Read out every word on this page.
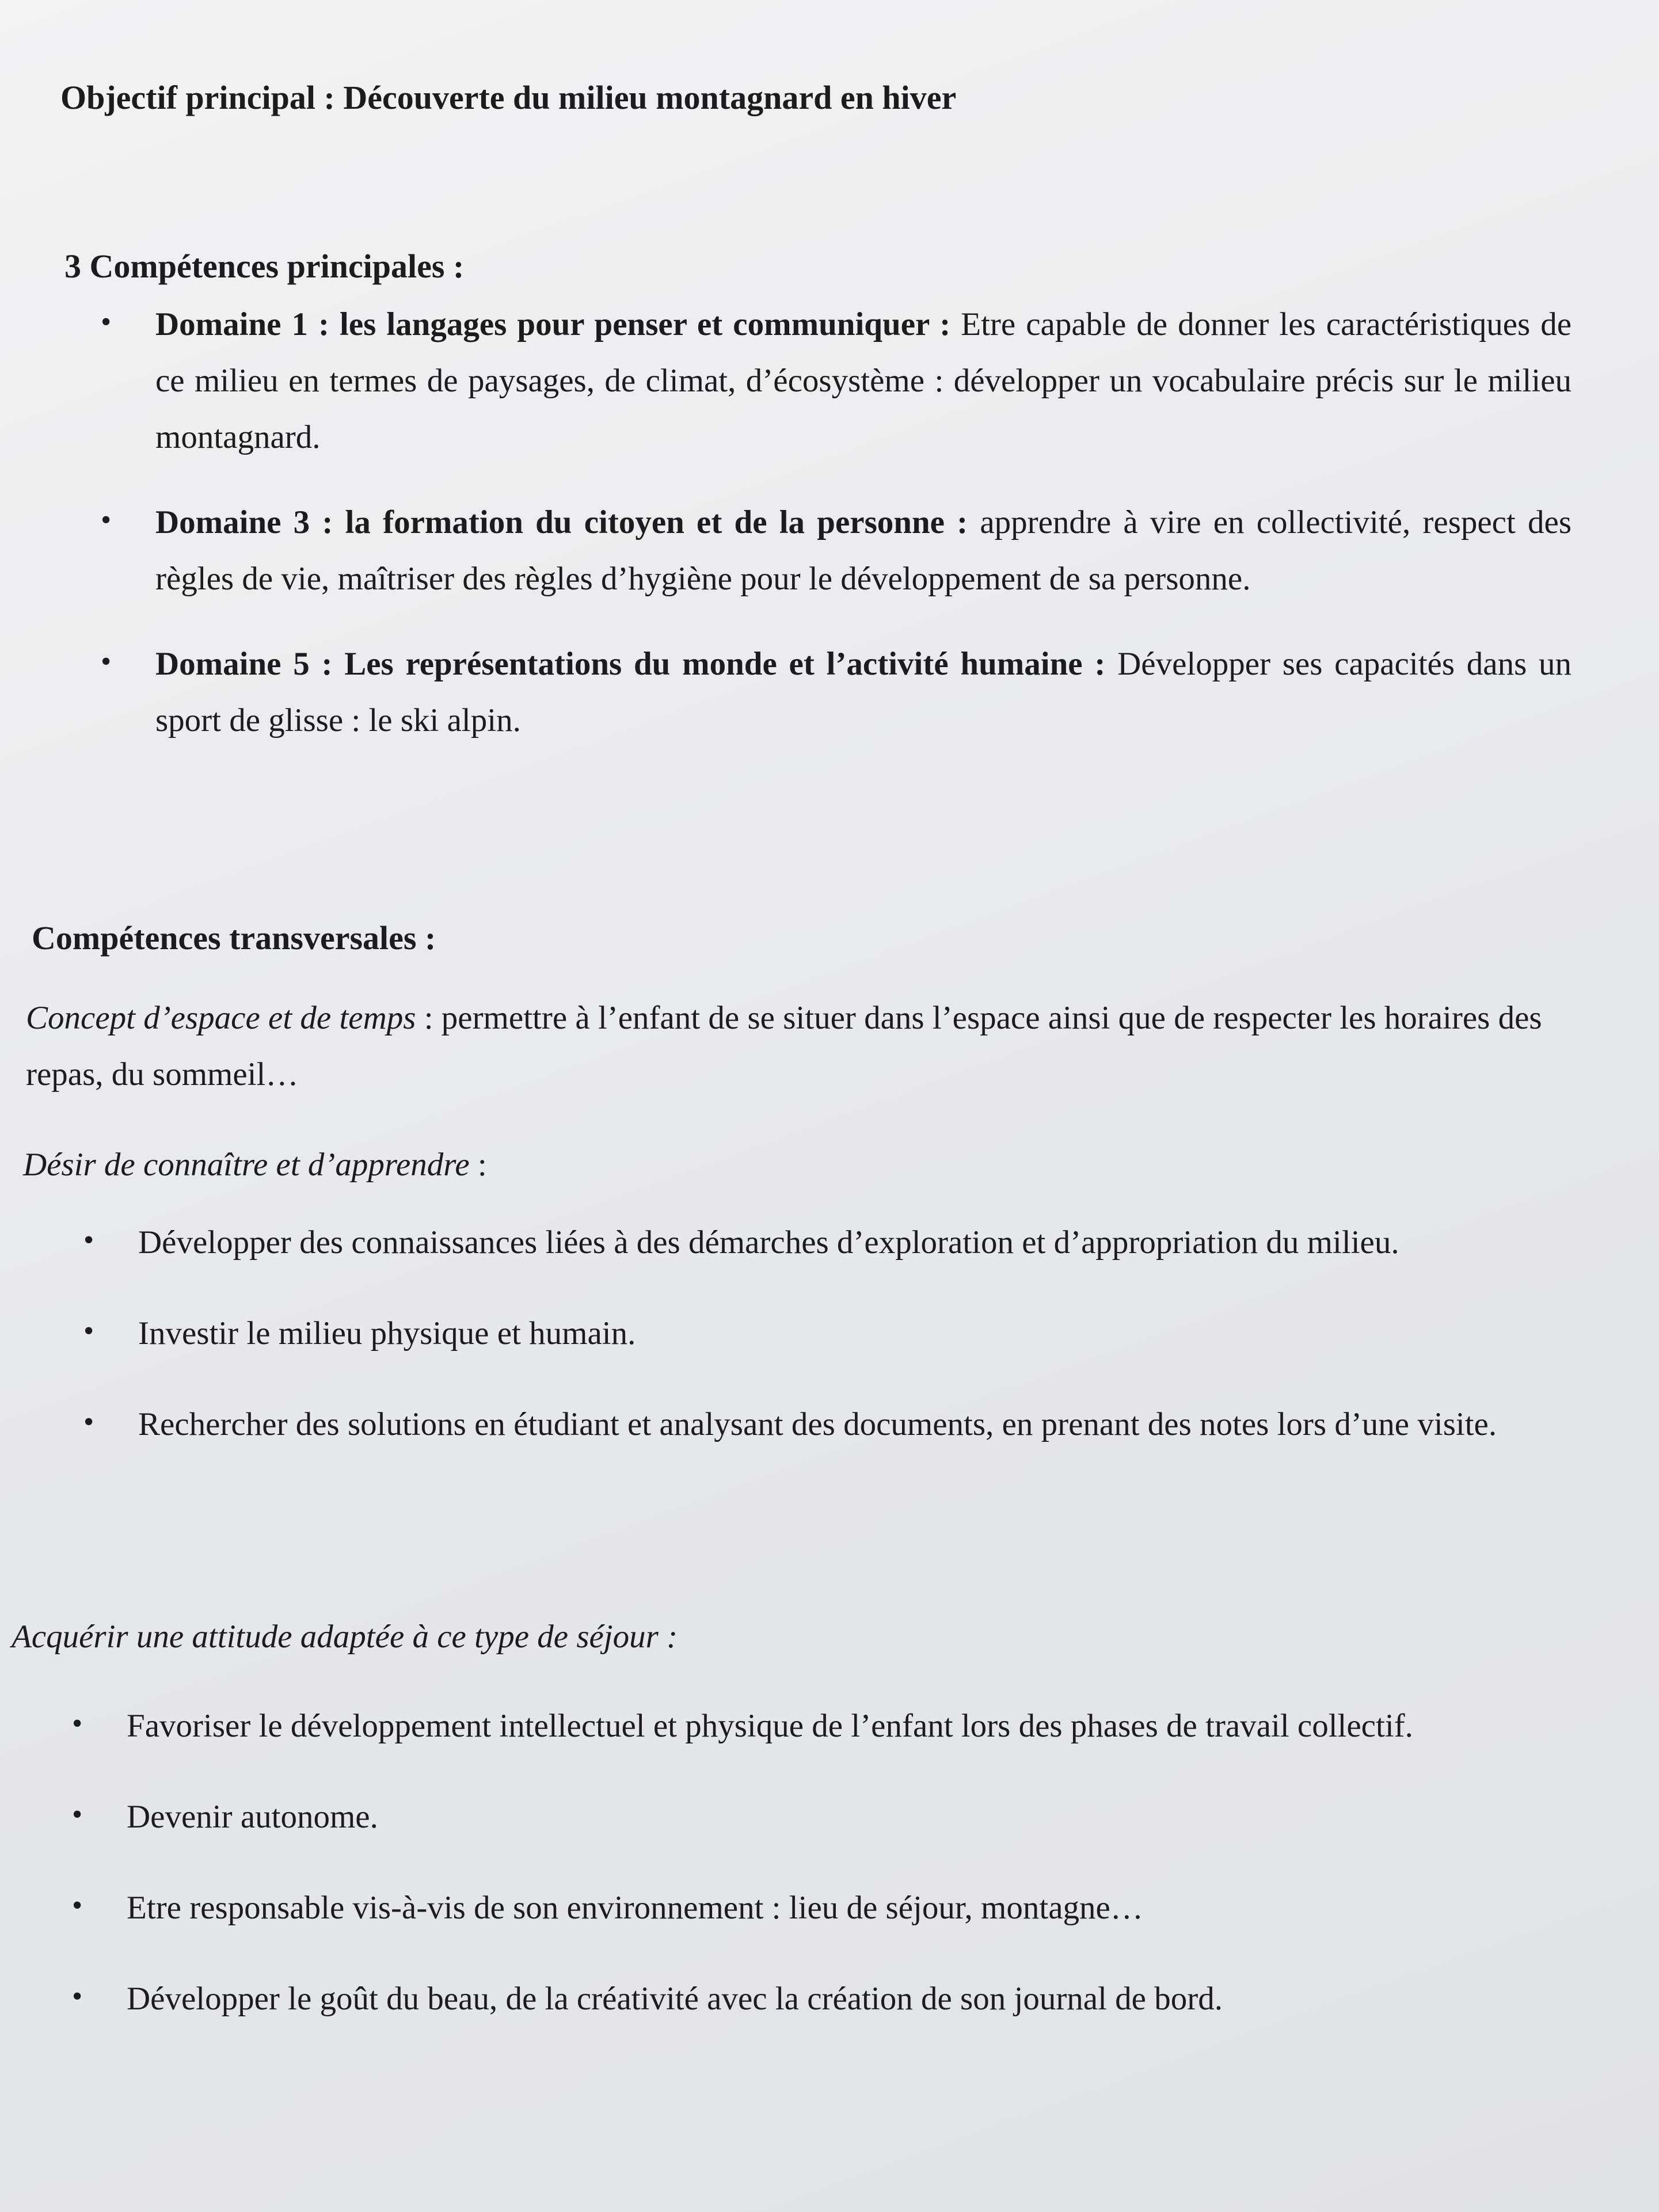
Objectif principal : Découverte du milieu montagnard en hiver
3 Compétences principales :
• Domaine 1 : les langages pour penser et communiquer : Etre capable de donner les caractéristiques de ce milieu en termes de paysages, de climat, d’écosystème : développer un vocabulaire précis sur le milieu montagnard.
• Domaine 3 : la formation du citoyen et de la personne : apprendre à vire en collectivité, respect des règles de vie, maîtriser des règles d’hygiène pour le développement de sa personne.
• Domaine 5 : Les représentations du monde et l’activité humaine : Développer ses capacités dans un sport de glisse : le ski alpin.
Compétences transversales :
Concept d’espace et de temps : permettre à l’enfant de se situer dans l’espace ainsi que de respecter les horaires des repas, du sommeil…
Désir de connaître et d’apprendre :
• Développer des connaissances liées à des démarches d’exploration et d’appropriation du milieu.
• Investir le milieu physique et humain.
• Rechercher des solutions en étudiant et analysant des documents, en prenant des notes lors d’une visite.
Acquérir une attitude adaptée à ce type de séjour :
• Favoriser le développement intellectuel et physique de l’enfant lors des phases de travail collectif.
• Devenir autonome.
• Etre responsable vis-à-vis de son environnement : lieu de séjour, montagne…
• Développer le goût du beau, de la créativité avec la création de son journal de bord.
